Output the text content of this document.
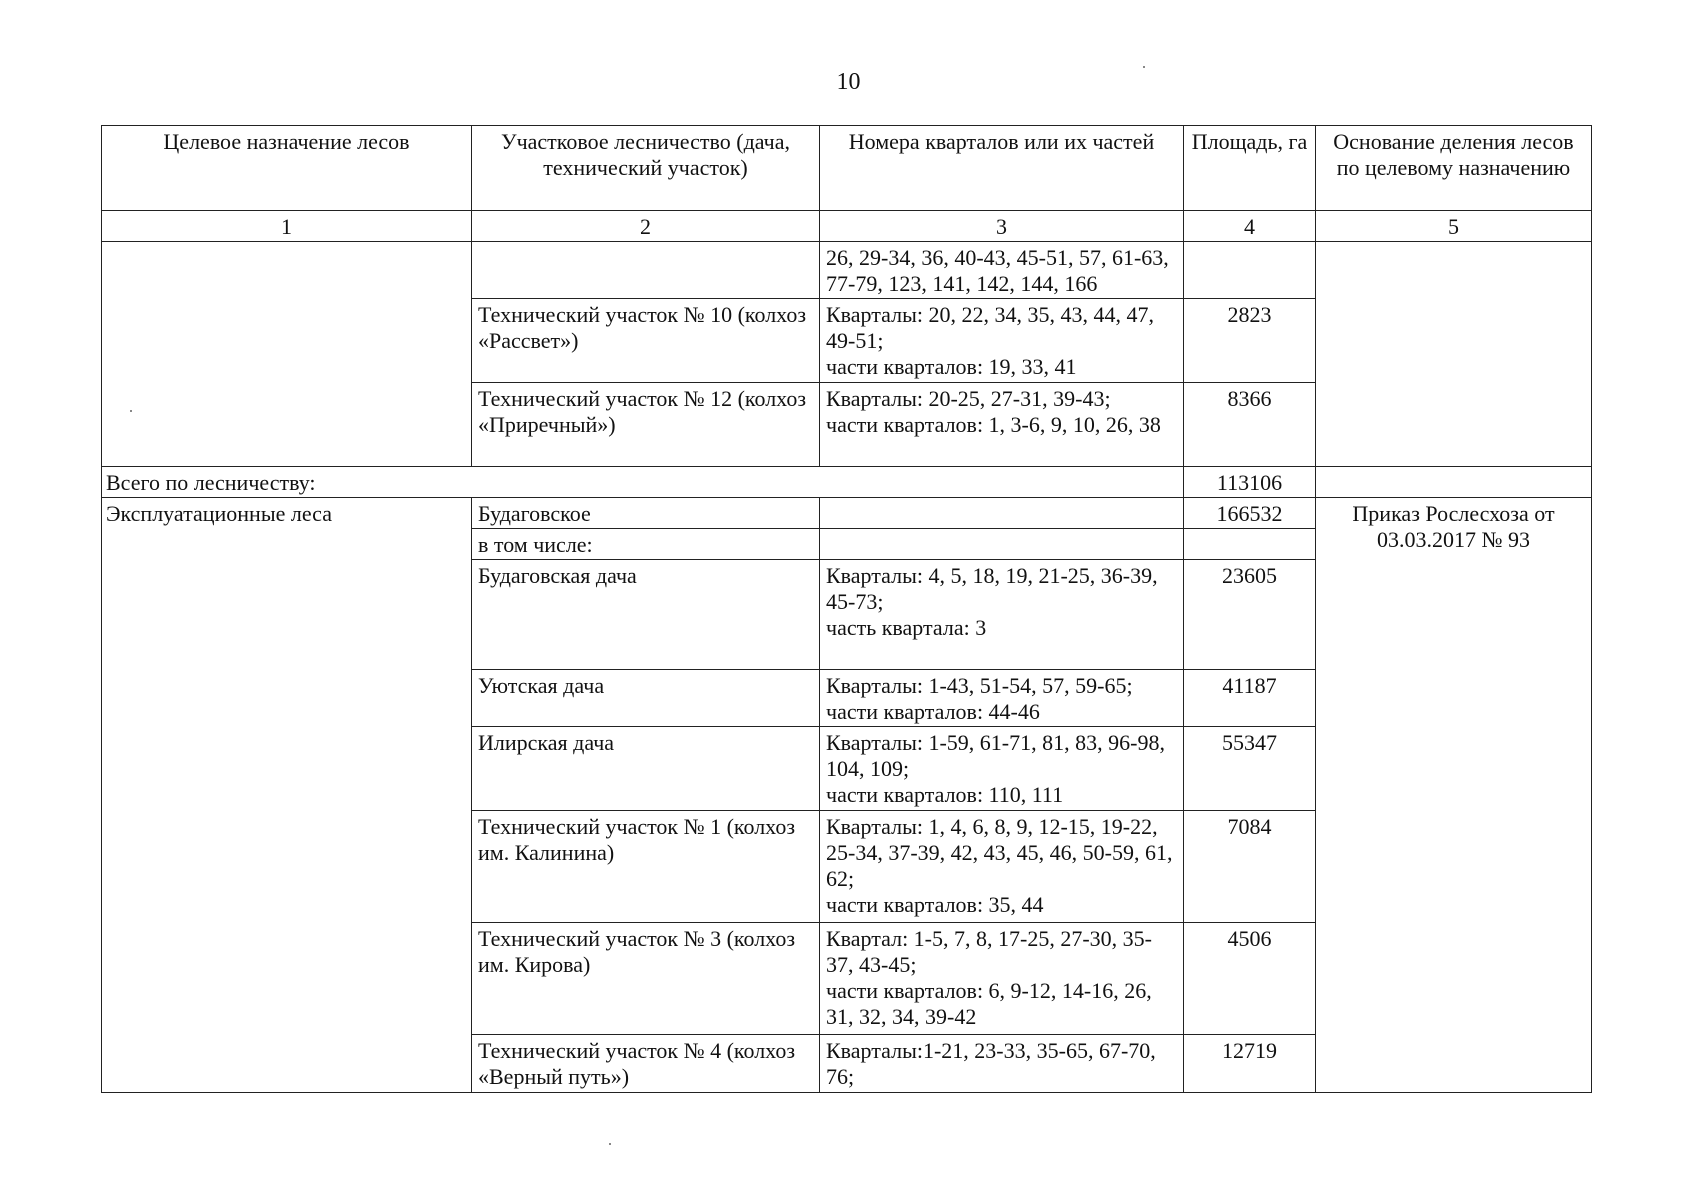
10
Целевое назначение лесов	Участковое лесничество (дача, технический участок)	Номера кварталов или их частей	Площадь, га	Основание деления лесов по целевому назначению
1	2	3	4	5
		26, 29-34, 36, 40-43, 45-51, 57, 61-63, 77-79, 123, 141, 142, 144, 166		
	Технический участок № 10 (колхоз «Рассвет»)	Кварталы: 20, 22, 34, 35, 43, 44, 47, 49-51;
части кварталов: 19, 33, 41	2823	
	Технический участок № 12 (колхоз «Приречный»)	Кварталы: 20-25, 27-31, 39-43;
части кварталов: 1, 3-6, 9, 10, 26, 38	8366	
Всего по лесничеству:			113106	
Эксплуатационные леса	Будаговское		166532	Приказ Рослесхоза от 03.03.2017 № 93
	в том числе:			
	Будаговская дача	Кварталы: 4, 5, 18, 19, 21-25, 36-39, 45-73;
часть квартала: 3	23605	
	Уютская дача	Кварталы: 1-43, 51-54, 57, 59-65;
части кварталов: 44-46	41187	
	Илирская дача	Кварталы: 1-59, 61-71, 81, 83, 96-98, 104, 109;
части кварталов: 110, 111	55347	
	Технический участок № 1 (колхоз им. Калинина)	Кварталы: 1, 4, 6, 8, 9, 12-15, 19-22, 25-34, 37-39, 42, 43, 45, 46, 50-59, 61, 62;
части кварталов: 35, 44	7084	
	Технический участок № 3 (колхоз им. Кирова)	Квартал: 1-5, 7, 8, 17-25, 27-30, 35-37, 43-45;
части кварталов: 6, 9-12, 14-16, 26, 31, 32, 34, 39-42	4506	
	Технический участок № 4 (колхоз «Верный путь»)	Кварталы:1-21, 23-33, 35-65, 67-70, 76;	12719	
